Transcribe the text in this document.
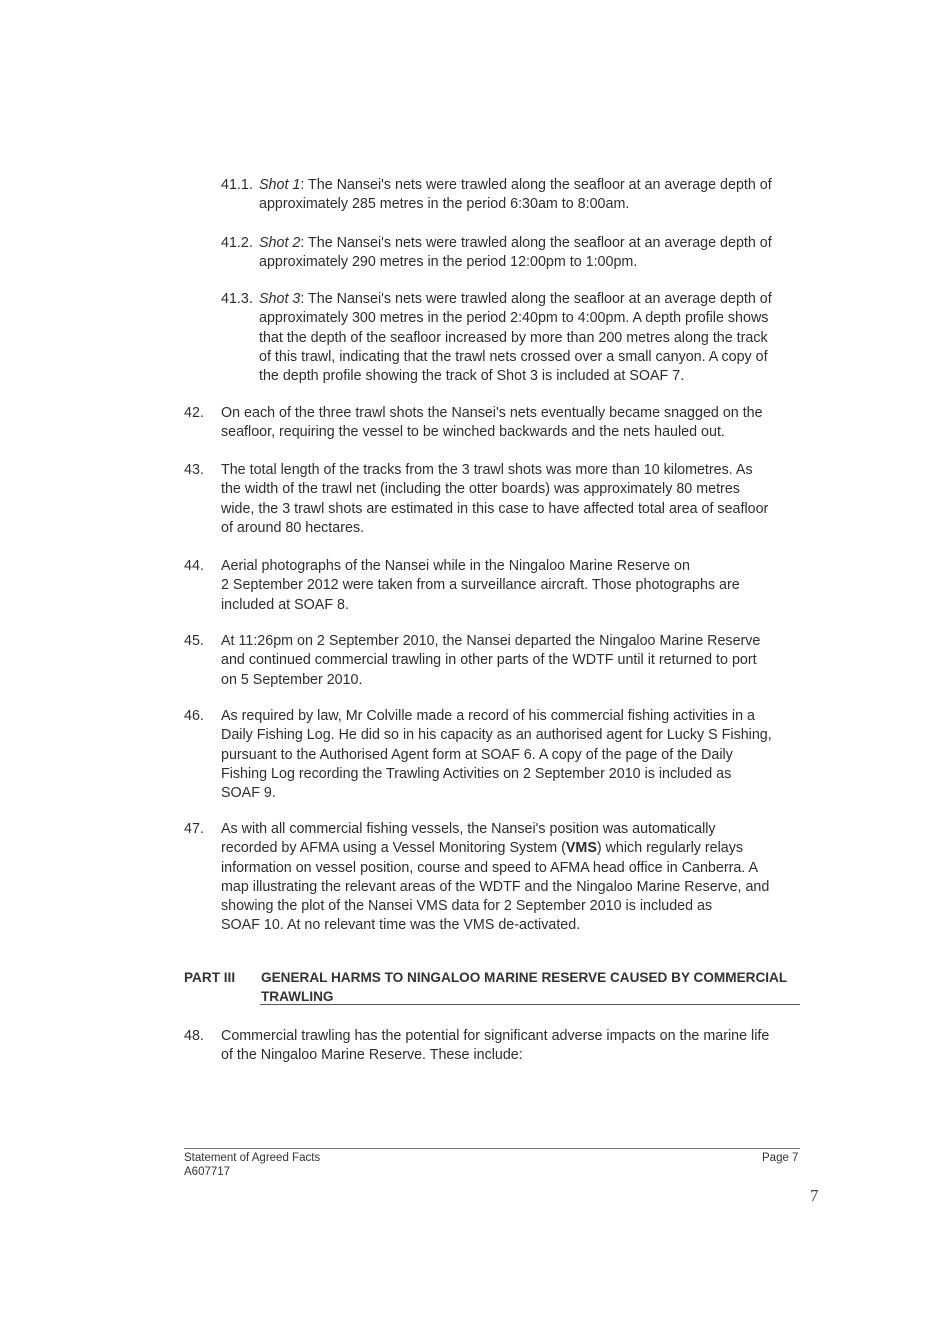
41.1. Shot 1: The Nansei's nets were trawled along the seafloor at an average depth of
approximately 285 metres in the period 6:30am to 8:00am.
41.2. Shot 2: The Nansei's nets were trawled along the seafloor at an average depth of
approximately 290 metres in the period 12:00pm to 1:00pm.
41.3. Shot 3: The Nansei's nets were trawled along the seafloor at an average depth of
approximately 300 metres in the period 2:40pm to 4:00pm. A depth profile shows
that the depth of the seafloor increased by more than 200 metres along the track
of this trawl, indicating that the trawl nets crossed over a small canyon. A copy of
the depth profile showing the track of Shot 3 is included at SOAF 7.
42. On each of the three trawl shots the Nansei's nets eventually became snagged on the
seafloor, requiring the vessel to be winched backwards and the nets hauled out.
43. The total length of the tracks from the 3 trawl shots was more than 10 kilometres. As
the width of the trawl net (including the otter boards) was approximately 80 metres
wide, the 3 trawl shots are estimated in this case to have affected total area of seafloor
of around 80 hectares.
44. Aerial photographs of the Nansei while in the Ningaloo Marine Reserve on
2 September 2012 were taken from a surveillance aircraft. Those photographs are
included at SOAF 8.
45. At 11:26pm on 2 September 2010, the Nansei departed the Ningaloo Marine Reserve
and continued commercial trawling in other parts of the WDTF until it returned to port
on 5 September 2010.
46. As required by law, Mr Colville made a record of his commercial fishing activities in a
Daily Fishing Log. He did so in his capacity as an authorised agent for Lucky S Fishing,
pursuant to the Authorised Agent form at SOAF 6. A copy of the page of the Daily
Fishing Log recording the Trawling Activities on 2 September 2010 is included as
SOAF 9.
47. As with all commercial fishing vessels, the Nansei's position was automatically
recorded by AFMA using a Vessel Monitoring System (VMS) which regularly relays
information on vessel position, course and speed to AFMA head office in Canberra. A
map illustrating the relevant areas of the WDTF and the Ningaloo Marine Reserve, and
showing the plot of the Nansei VMS data for 2 September 2010 is included as
SOAF 10. At no relevant time was the VMS de-activated.
PART III GENERAL HARMS TO NINGALOO MARINE RESERVE CAUSED BY COMMERCIAL
TRAWLING
48. Commercial trawling has the potential for significant adverse impacts on the marine life
of the Ningaloo Marine Reserve. These include:
Statement of Agreed Facts
A607717
Page 7
7
